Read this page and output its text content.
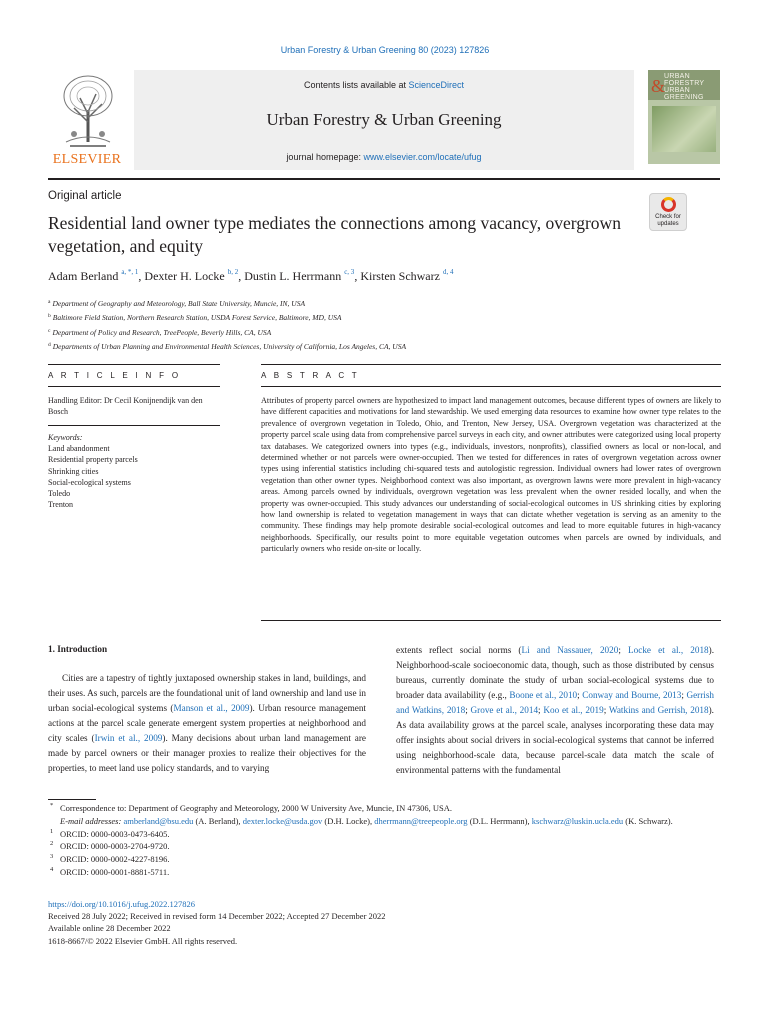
Urban Forestry & Urban Greening 80 (2023) 127826
ELSEVIER
Contents lists available at ScienceDirect
Urban Forestry & Urban Greening
journal homepage: www.elsevier.com/locate/ufug
&
URBAN
FORESTRY
URBAN
GREENING
Original article
Check for updates
Residential land owner type mediates the connections among vacancy, overgrown vegetation, and equity
Adam Berland $^{a, *, 1}$, Dexter H. Locke $^{b, 2}$, Dustin L. Herrmann $^{c, 3}$, Kirsten Schwarz $^{d, 4}$
$^a$ Department of Geography and Meteorology, Ball State University, Muncie, IN, USA
$^b$ Baltimore Field Station, Northern Research Station, USDA Forest Service, Baltimore, MD, USA
$^c$ Department of Policy and Research, TreePeople, Beverly Hills, CA, USA
$^d$ Departments of Urban Planning and Environmental Health Sciences, University of California, Los Angeles, CA, USA
A R T I C L E I N F O	A B S T R A C T
Handling Editor: Dr Cecil Konijnendijk van den Bosch
Keywords:
Land abandonment
Residential property parcels
Shrinking cities
Social-ecological systems
Toledo
Trenton
Attributes of property parcel owners are hypothesized to impact land management outcomes, because different types of owners are likely to have different capacities and motivations for land stewardship. We used emerging data resources to examine how owner type relates to the prevalence of overgrown vegetation in Toledo, Ohio, and Trenton, New Jersey, USA. Overgrown vegetation was characterized at the property parcel scale using data from comprehensive parcel surveys in each city, and owner attributes were categorized using local property tax databases. We categorized owners into types (e.g., individuals, investors, nonprofits), classified owners as local or non-local, and determined whether or not parcels were owner-occupied. Then we tested for differences in rates of overgrown vegetation across owner types using inferential statistics including chi-squared tests and autologistic regression. Individual owners had lower rates of overgrown vegetation than other owner types. Neighborhood context was also important, as overgrown lawns were more prevalent in high-vacancy areas. Among parcels owned by individuals, overgrown vegetation was less prevalent when the owner resided locally, and when the property was owner-occupied. This study advances our understanding of social-ecological outcomes in US shrinking cities by exploring how land ownership is related to vegetation management in ways that can dictate whether vegetation is serving as an amenity to the community. These findings may help promote desirable social-ecological outcomes and lead to more equitable futures in high-vacancy neighborhoods. Specifically, our results point to more equitable vegetation outcomes when parcels are owned by individuals, and particularly owners who reside on-site or locally.
1. Introduction

Cities are a tapestry of tightly juxtaposed ownership stakes in land, buildings, and their uses. As such, parcels are the foundational unit of land ownership and land use in urban social-ecological systems (Manson et al., 2009). Urban resource management actions at the parcel scale generate emergent system properties at neighborhood and city scales (Irwin et al., 2009). Many decisions about urban land management are made by parcel owners or their manager proxies to realize their objectives for the properties, to meet land use policy standards, and to varying

extents reflect social norms (Li and Nassauer, 2020; Locke et al., 2018). Neighborhood-scale socioeconomic data, though, such as those distributed by census bureaus, currently dominate the study of urban social-ecological systems due to broader data availability (e.g., Boone et al., 2010; Conway and Bourne, 2013; Gerrish and Watkins, 2018; Grove et al., 2014; Koo et al., 2019; Watkins and Gerrish, 2018). As data availability grows at the parcel scale, analyses incorporating these data may offer insights about social drivers in social-ecological systems that cannot be inferred using neighborhood-scale data, because parcel-scale data match the scale of environmental patterns with the fundamental

* Correspondence to: Department of Geography and Meteorology, 2000 W University Ave, Muncie, IN 47306, USA.
E-mail addresses: amberland@bsu.edu (A. Berland), dexter.locke@usda.gov (D.H. Locke), dherrmann@treepeople.org (D.L. Herrmann), kschwarz@luskin.ucla.edu (K. Schwarz).
1 ORCID: 0000-0003-0473-6405.
2 ORCID: 0000-0003-2704-9720.
3 ORCID: 0000-0002-4227-8196.
4 ORCID: 0000-0001-8881-5711.
https://doi.org/10.1016/j.ufug.2022.127826
Received 28 July 2022; Received in revised form 14 December 2022; Accepted 27 December 2022
Available online 28 December 2022
1618-8667/© 2022 Elsevier GmbH. All rights reserved.
